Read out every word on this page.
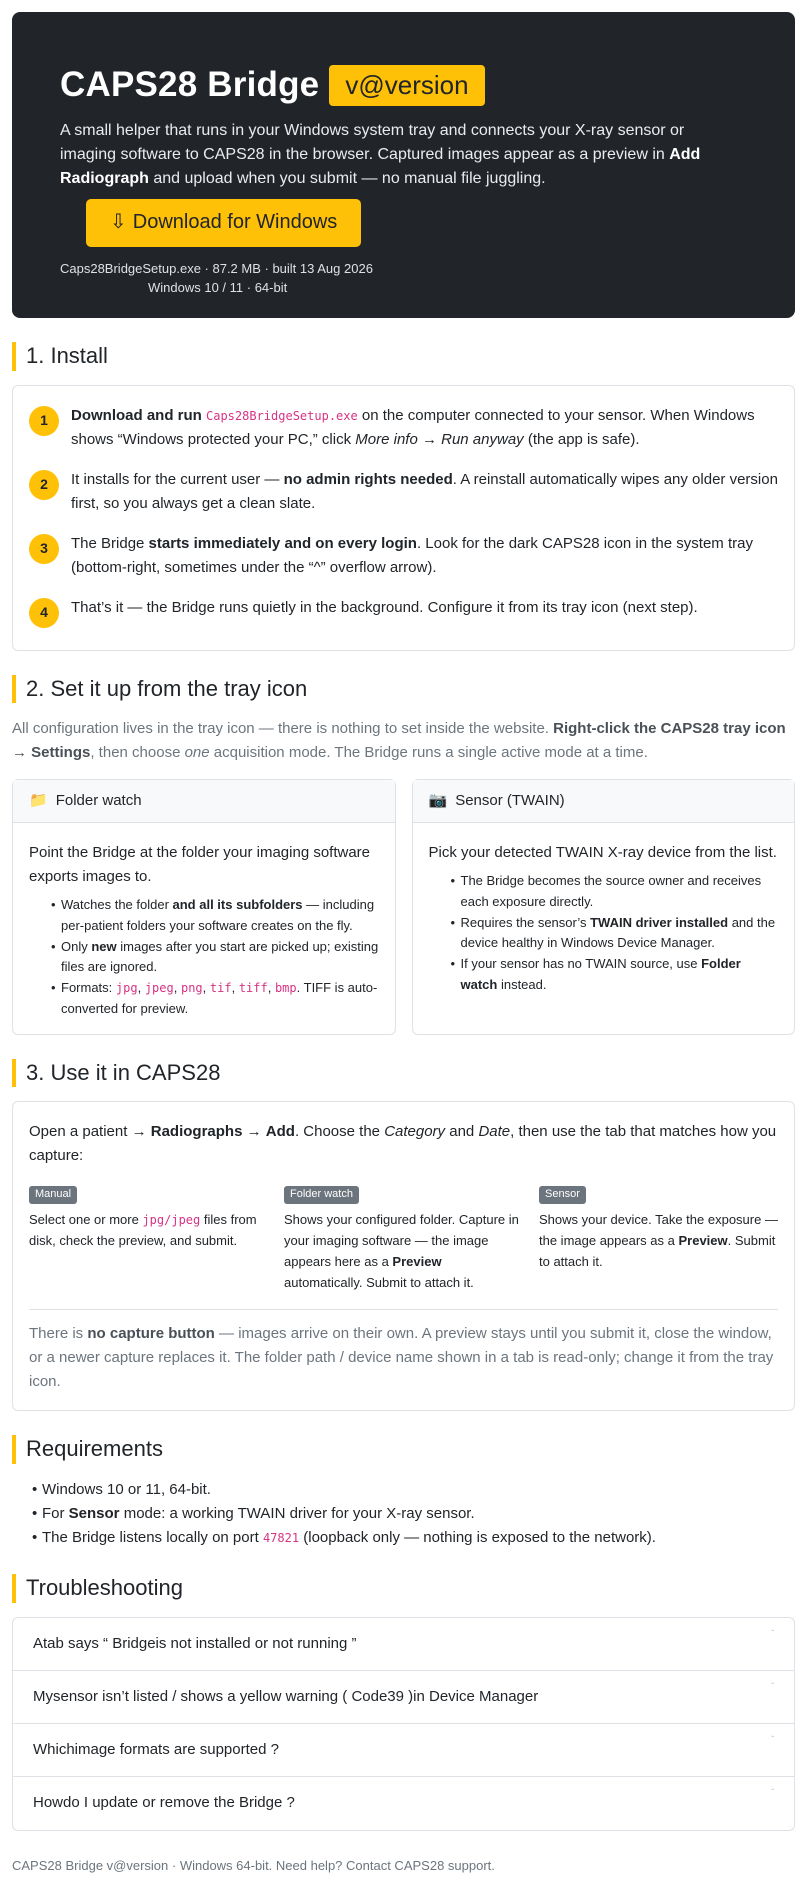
CAPS28 Bridge	v@version

A small helper that runs in your Windows system tray and connects your X-ray sensor or imaging software to CAPS28 in the browser. Captured images appear as a preview in Add Radiograph and upload when you submit — no manual file juggling.

⇩ Download for Windows
Caps28BridgeSetup.exe · 87.2 MB · built 13 Aug 2026
Windows 10 / 11 · 64-bit
1. Install
1	Download and run Caps28BridgeSetup.exe on the computer connected to your sensor. When Windows shows “Windows protected your PC,” click More info → Run anyway (the app is safe).
2	It installs for the current user — no admin rights needed. A reinstall automatically wipes any older version first, so you always get a clean slate.
3	The Bridge starts immediately and on every login. Look for the dark CAPS28 icon in the system tray (bottom-right, sometimes under the “^” overflow arrow).
4	That’s it — the Bridge runs quietly in the background. Configure it from its tray icon (next step).
2. Set it up from the tray icon

All configuration lives in the tray icon — there is nothing to set inside the website. Right-click the CAPS28 tray icon → Settings, then choose one acquisition mode. The Bridge runs a single active mode at a time.

📁 Folder watch

Point the Bridge at the folder your imaging software exports images to.

• Watches the folder and all its subfolders — including per-patient folders your software creates on the fly.
• Only new images after you start are picked up; existing files are ignored.
• Formats: jpg, jpeg, png, tif, tiff, bmp. TIFF is auto-converted for preview.
📷 Sensor (TWAIN)

Pick your detected TWAIN X-ray device from the list.

• The Bridge becomes the source owner and receives each exposure directly.
• Requires the sensor’s TWAIN driver installed and the device healthy in Windows Device Manager.
• If your sensor has no TWAIN source, use Folder watch instead.
3. Use it in CAPS28

Open a patient → Radiographs → Add. Choose the Category and Date, then use the tab that matches how you capture:

Manual

Select one or more jpg/jpeg files from disk, check the preview, and submit.

Folder watch

Shows your configured folder. Capture in your imaging software — the image appears here as a Preview automatically. Submit to attach it.

Sensor

Shows your device. Take the exposure — the image appears as a Preview. Submit to attach it.

There is no capture button — images arrive on their own. A preview stays until you submit it, close the window, or a newer capture replaces it. The folder path / device name shown in a tab is read-only; change it from the tray icon.

Requirements
• Windows 10 or 11, 64-bit.
• For Sensor mode: a working TWAIN driver for your X-ray sensor.
• The Bridge listens locally on port 47821 (loopback only — nothing is exposed to the network).
Troubleshooting
Atab says “ Bridgeis not installed or not running ”
ˇ
Mysensor isn’t listed / shows a yellow warning ( Code39 )in Device Manager
ˇ
Whichimage formats are supported ?
ˇ
Howdo I update or remove the Bridge ?
ˇ

CAPS28 Bridge v@version · Windows 64-bit. Need help? Contact CAPS28 support.
